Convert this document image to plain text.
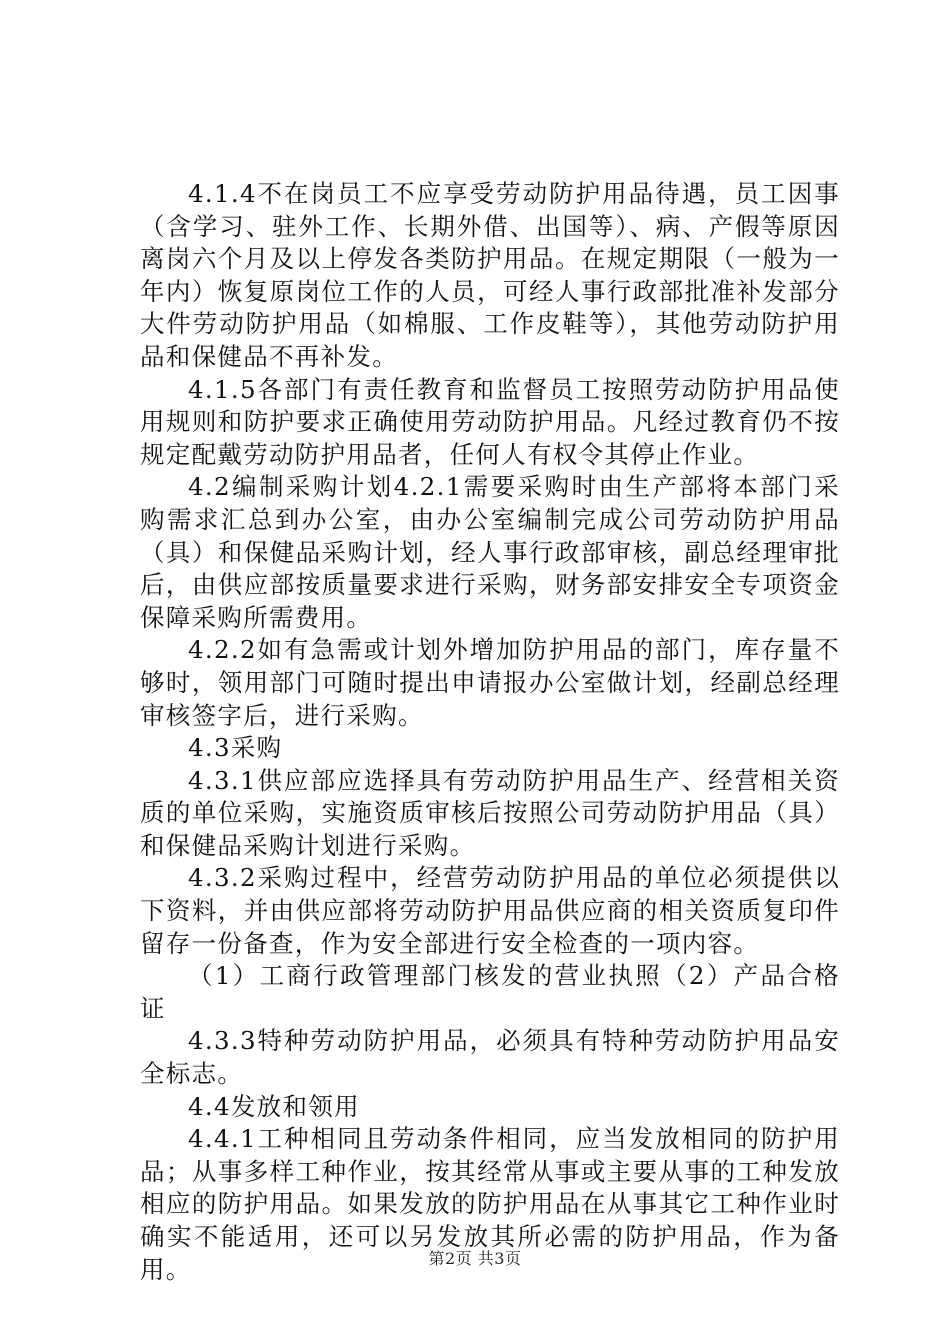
4.1.4不在岗员工不应享受劳动防护用品待遇，员工因事（含学习、驻外工作、长期外借、出国等）、病、产假等原因离岗六个月及以上停发各类防护用品。在规定期限（一般为一年内）恢复原岗位工作的人员，可经人事行政部批准补发部分大件劳动防护用品（如棉服、工作皮鞋等），其他劳动防护用品和保健品不再补发。

4.1.5各部门有责任教育和监督员工按照劳动防护用品使用规则和防护要求正确使用劳动防护用品。凡经过教育仍不按规定配戴劳动防护用品者，任何人有权令其停止作业。

4.2编制采购计划4.2.1需要采购时由生产部将本部门采购需求汇总到办公室，由办公室编制完成公司劳动防护用品（具）和保健品采购计划，经人事行政部审核，副总经理审批后，由供应部按质量要求进行采购，财务部安排安全专项资金保障采购所需费用。

4.2.2如有急需或计划外增加防护用品的部门，库存量不够时，领用部门可随时提出申请报办公室做计划，经副总经理审核签字后，进行采购。

4.3采购

4.3.1供应部应选择具有劳动防护用品生产、经营相关资质的单位采购，实施资质审核后按照公司劳动防护用品（具）和保健品采购计划进行采购。

4.3.2采购过程中，经营劳动防护用品的单位必须提供以下资料，并由供应部将劳动防护用品供应商的相关资质复印件留存一份备查，作为安全部进行安全检查的一项内容。

（1）工商行政管理部门核发的营业执照（2）产品合格证

4.3.3特种劳动防护用品，必须具有特种劳动防护用品安全标志。

4.4发放和领用

4.4.1工种相同且劳动条件相同，应当发放相同的防护用品；从事多样工种作业，按其经常从事或主要从事的工种发放相应的防护用品。如果发放的防护用品在从事其它工种作业时确实不能适用，还可以另发放其所必需的防护用品，作为备用。	第2页 共3页
